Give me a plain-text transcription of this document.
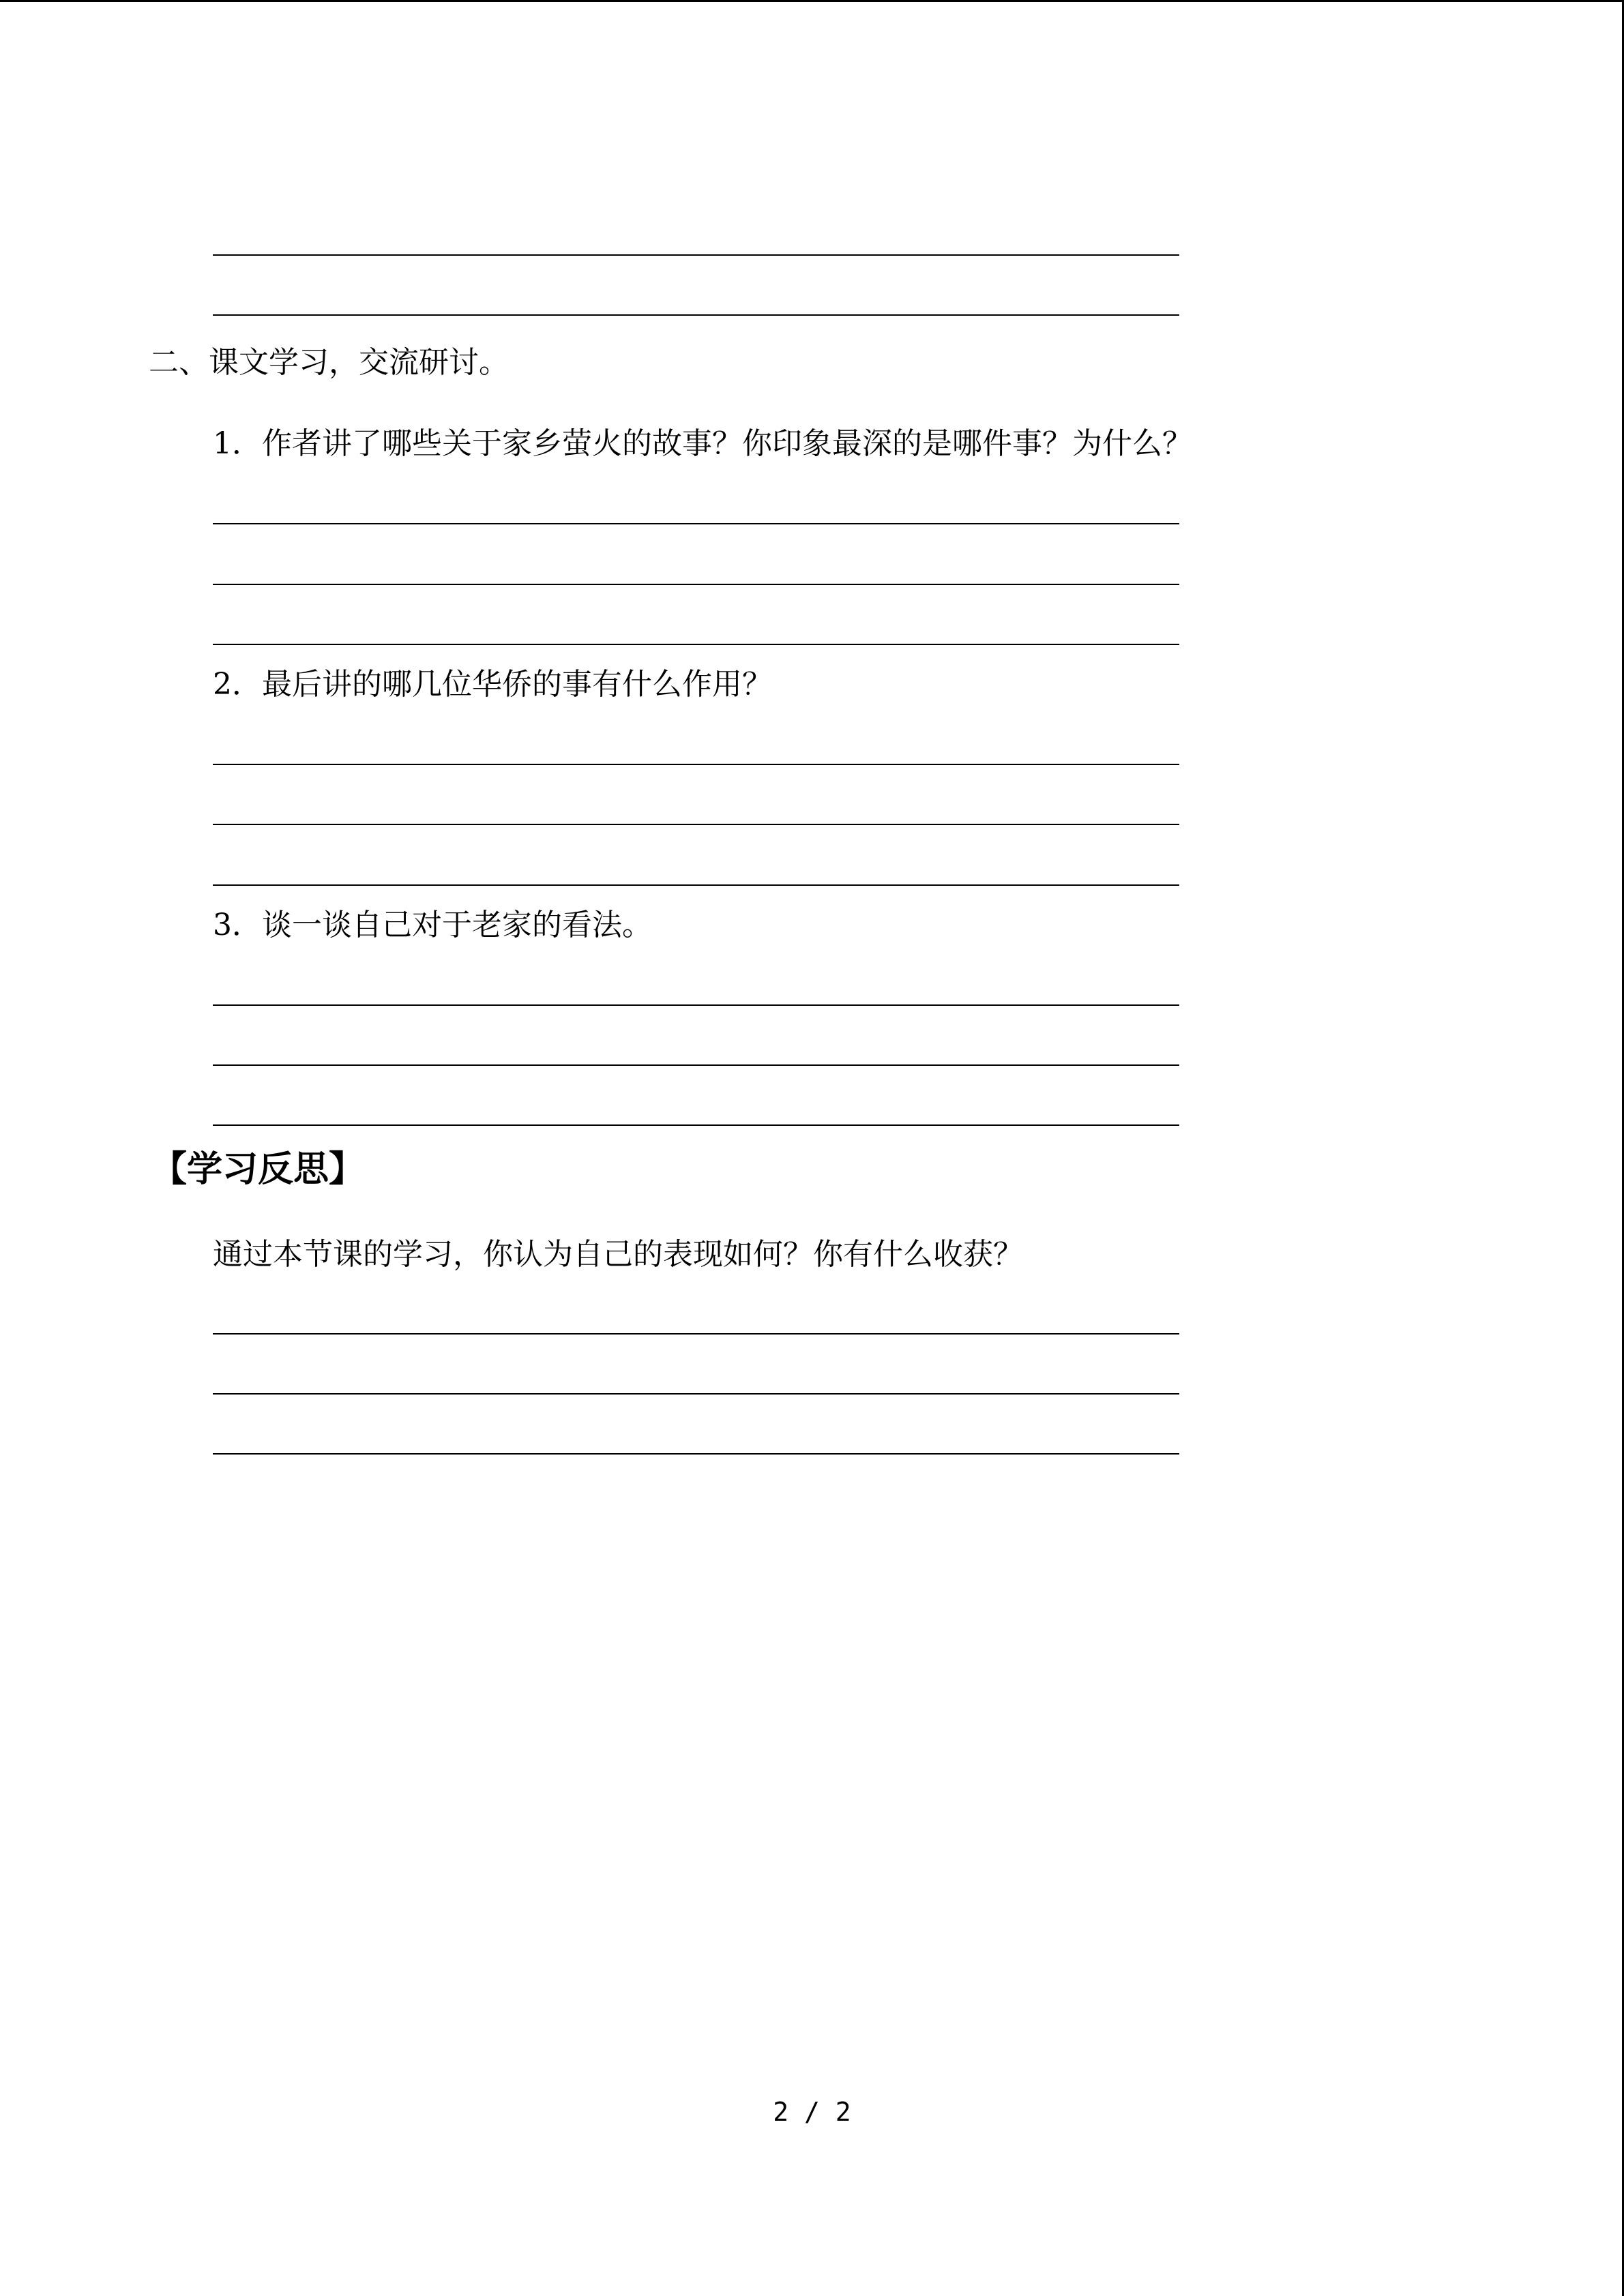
二、课文学习，交流研讨。
1．作者讲了哪些关于家乡萤火的故事？你印象最深的是哪件事？为什么？
2．最后讲的哪几位华侨的事有什么作用？
3．谈一谈自己对于老家的看法。
【学习反思】
通过本节课的学习，你认为自己的表现如何？你有什么收获？
2 / 2
